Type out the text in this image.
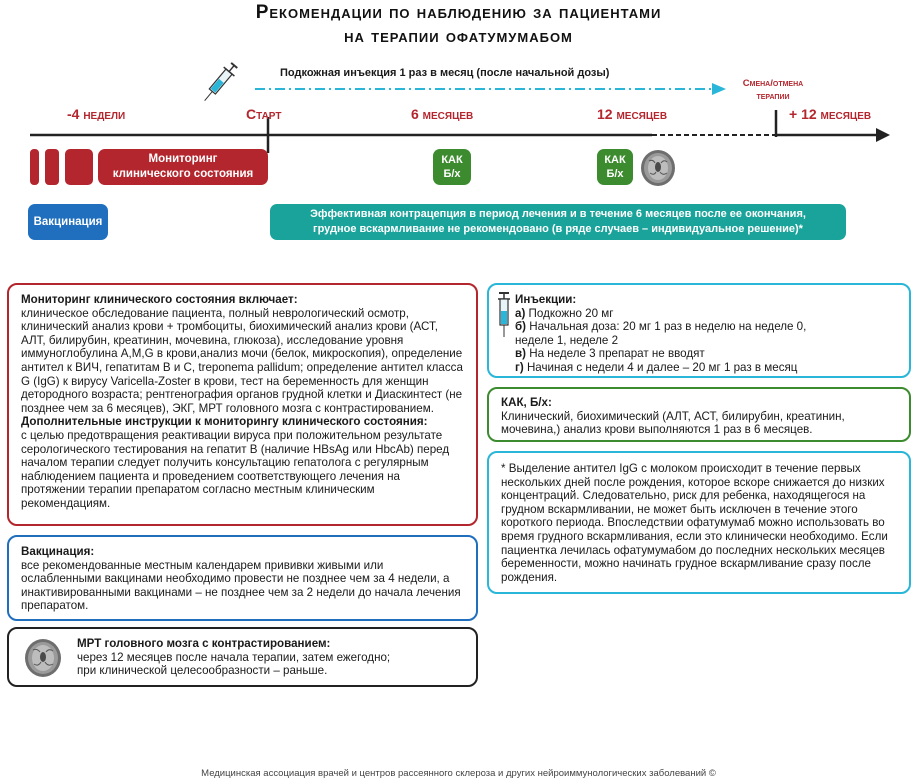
Рекомендации по наблюдению за пациентами
на терапии офатумумабом
Подкожная инъекция 1 раз в месяц (после начальной дозы)
Смена/отмена
терапии
-4 недели	Старт	6 месяцев	12 месяцев	+ 12 месяцев
Мониторинг
клинического состояния
КАК
Б/х
КАК
Б/х
Вакцинация
Эффективная контрацепция в период лечения и в течение 6 месяцев после ее окончания,
грудное вскармливание не рекомендовано (в ряде случаев – индивидуальное решение)*
Мониторинг клинического состояния включает:
клиническое обследование пациента, полный неврологический осмотр, клинический анализ крови + тромбоциты, биохимический анализ крови (АСТ, АЛТ, билирубин, креатинин, мочевина, глюкоза), исследование уровня иммуноглобулина A,M,G в крови,анализ мочи (белок, микроскопия), определение антител к ВИЧ, гепатитам В и С, treponema pallidum; определение антител класса G (IgG) к вирусу Varicella-Zoster в крови, тест на беременность для женщин детородного возраста; рентгенография органов грудной клетки и Диаскинтест (не позднее чем за 6 месяцев), ЭКГ, МРТ головного мозга с контрастированием.
Дополнительные инструкции к мониторингу клинического состояния:
с целью предотвращения реактивации вируса при положительном результате серологического тестирования на гепатит В (наличие HBsAg или HbcAb) перед началом терапии следует получить консультацию гепатолога с регулярным наблюдением пациента и проведением соответствующего лечения на протяжении терапии препаратом согласно местным клиническим рекомендациям.
Вакцинация:
все рекомендованные местным календарем прививки живыми или ослабленными вакцинами необходимо провести не позднее чем за 4 недели, а инактивированными вакцинами – не позднее чем за 2 недели до начала лечения препаратом.
МРТ головного мозга с контрастированием:
через 12 месяцев после начала терапии, затем ежегодно;
при клинической целесообразности – раньше.
Инъекции:
а) Подкожно 20 мг
б) Начальная доза: 20 мг 1 раз в неделю на неделе 0,
неделе 1, неделе 2
в) На неделе 3 препарат не вводят
г) Начиная с недели 4 и далее – 20 мг 1 раз в месяц
КАК, Б/х:
Клинический, биохимический (АЛТ, АСТ, билирубин, креатинин, мочевина,) анализ крови выполняются 1 раз в 6 месяцев.
* Выделение антител IgG с молоком происходит в течение первых нескольких дней после рождения, которое вскоре снижается до низких концентраций. Следовательно, риск для ребенка, находящегося на грудном вскармливании, не может быть исключен в течение этого короткого периода. Впоследствии офатумумаб можно использовать во время грудного вскармливания, если это клинически необходимо. Если пациентка лечилась офатумумабом до последних нескольких месяцев беременности, можно начинать грудное вскармливание сразу после рождения.
Медицинская ассоциация врачей и центров рассеянного склероза и других нейроиммунологических заболеваний ©
